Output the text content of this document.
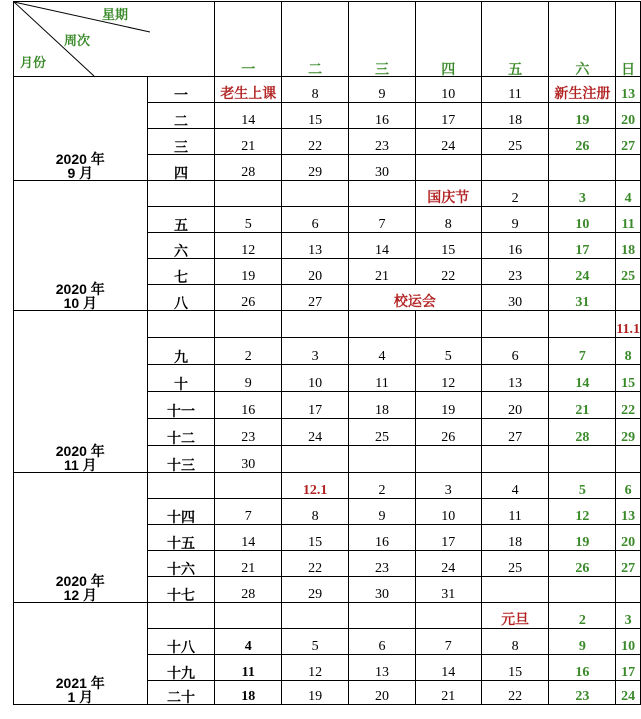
星期
周次
月份		一	二	三	四	五	六	日
2020 年
9 月	一	老生上课	8	9	10	11	新生注册	13
	二	14	15	16	17	18	19	20
	三	21	22	23	24	25	26	27
	四	28	29	30				
2020 年
10 月					国庆节	2	3	4
	五	5	6	7	8	9	10	11
	六	12	13	14	15	16	17	18
	七	19	20	21	22	23	24	25
	八	26	27	校运会		30	31	
2020 年
11 月								11.1
	九	2	3	4	5	6	7	8
	十	9	10	11	12	13	14	15
	十一	16	17	18	19	20	21	22
	十二	23	24	25	26	27	28	29
	十三	30						
2020 年
12 月			12.1	2	3	4	5	6
	十四	7	8	9	10	11	12	13
	十五	14	15	16	17	18	19	20
	十六	21	22	23	24	25	26	27
	十七	28	29	30	31			
2021 年
1 月						元旦	2	3
	十八	4	5	6	7	8	9	10
	十九	11	12	13	14	15	16	17
	二十	18	19	20	21	22	23	24
